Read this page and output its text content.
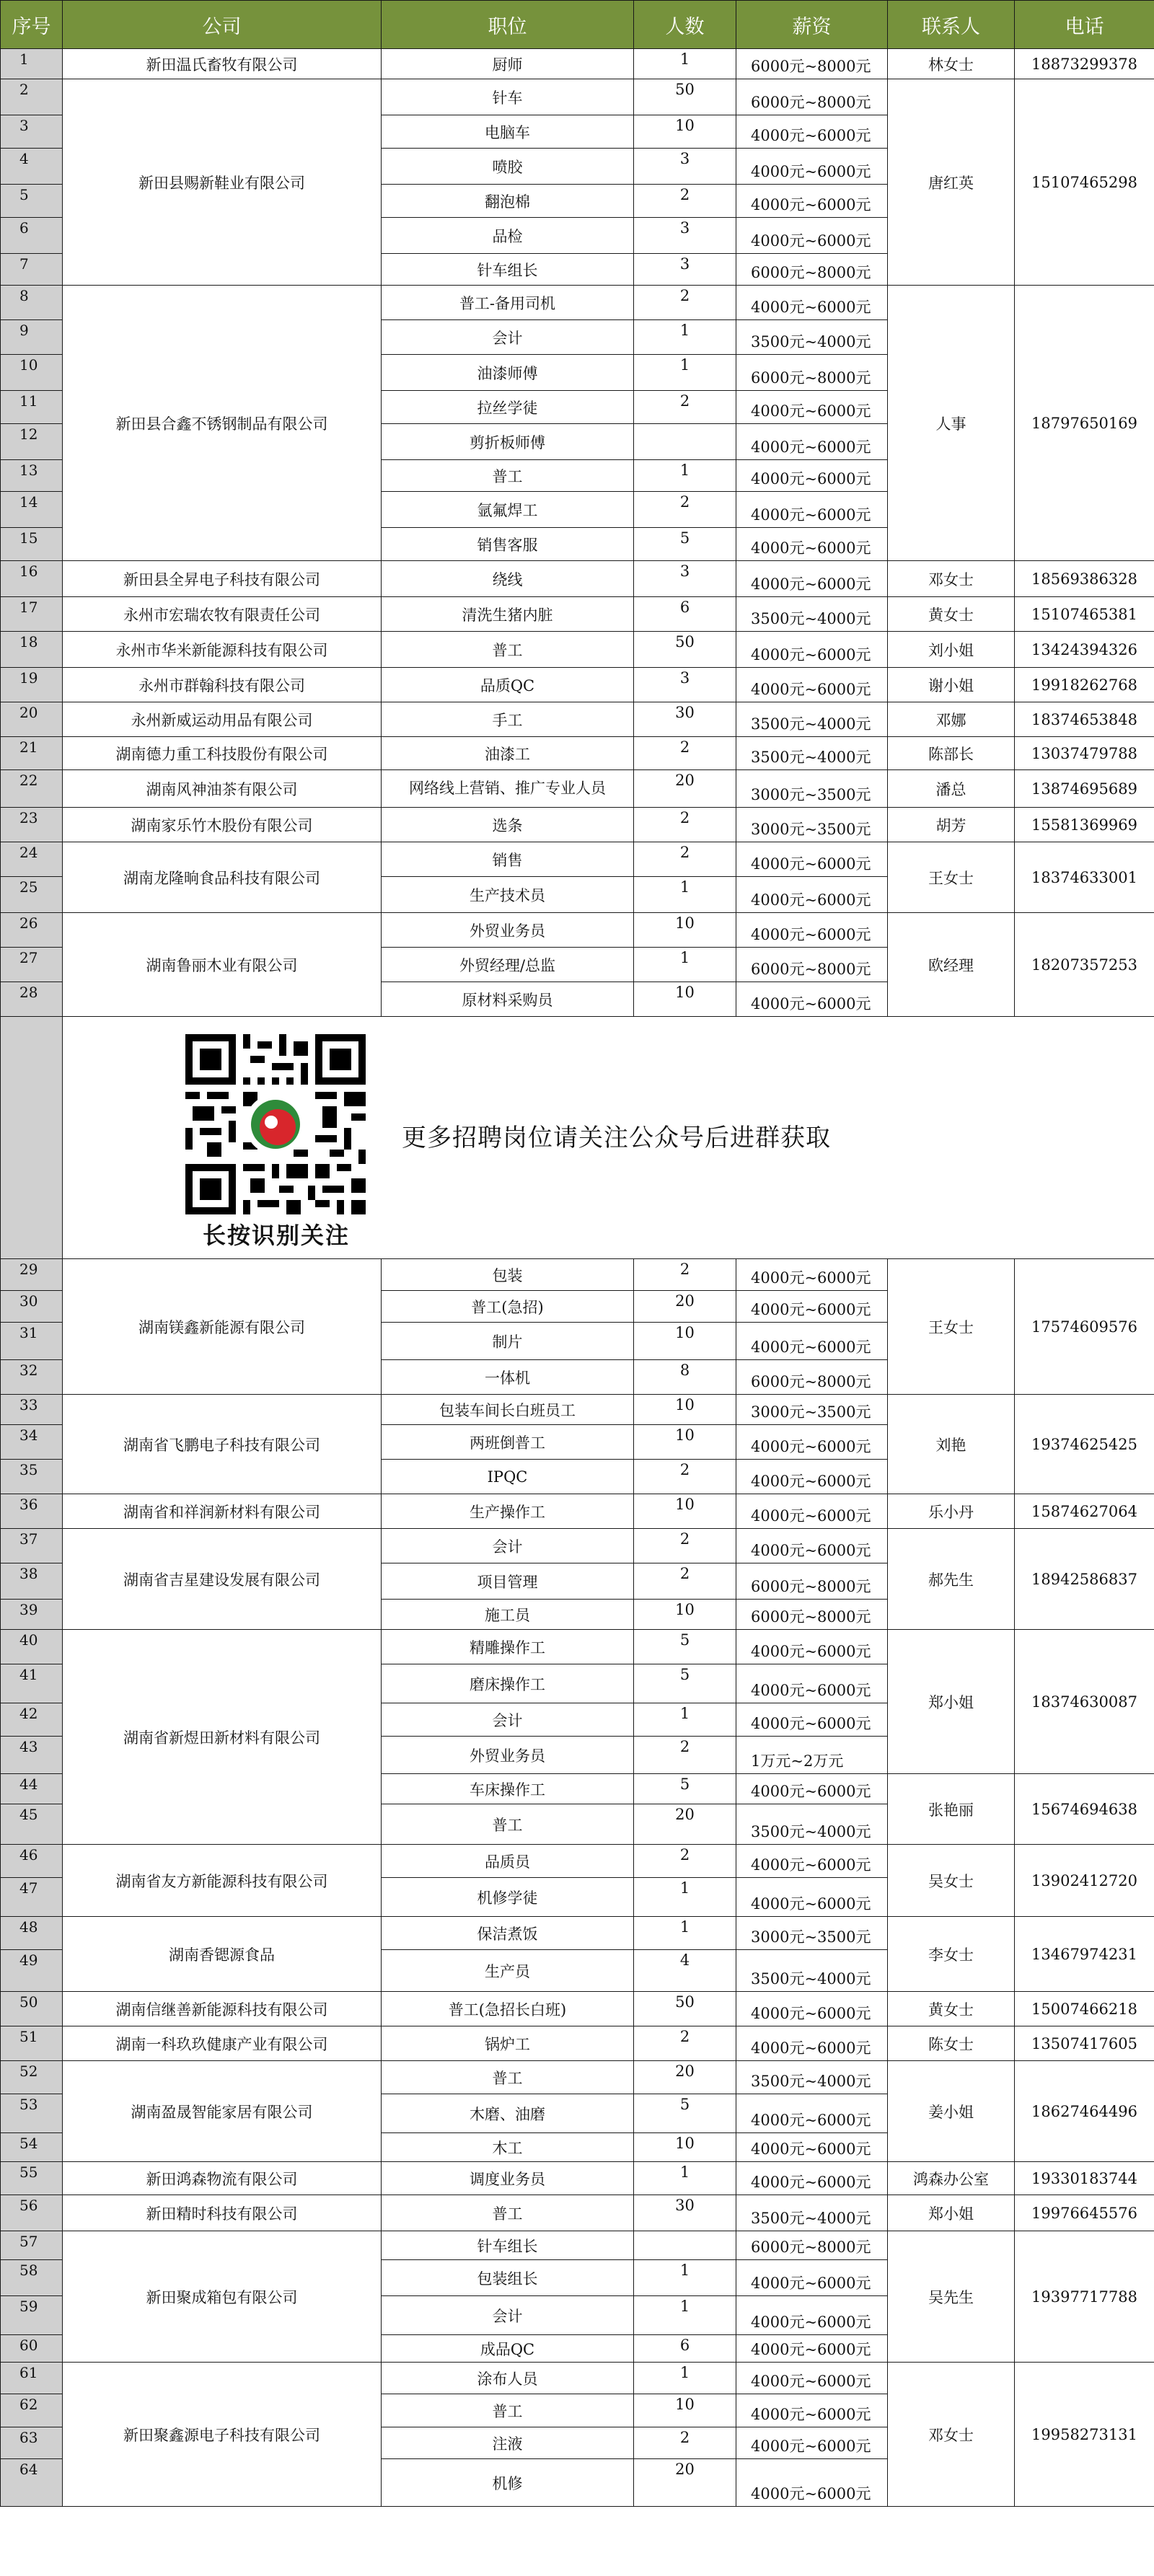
序号	公司	职位	人数	薪资	联系人	电话
1	新田温氏畜牧有限公司	厨师	1	6000元~8000元	林女士	18873299378
2	新田县赐新鞋业有限公司	针车	50	6000元~8000元	唐红英	15107465298
3		电脑车	10	4000元~6000元		
4		喷胶	3	4000元~6000元		
5		翻泡棉	2	4000元~6000元		
6		品检	3	4000元~6000元		
7		针车组长	3	6000元~8000元		
8	新田县合鑫不锈钢制品有限公司	普工-备用司机	2	4000元~6000元	人事	18797650169
9		会计	1	3500元~4000元		
10		油漆师傅	1	6000元~8000元		
11		拉丝学徒	2	4000元~6000元		
12		剪折板师傅		4000元~6000元		
13		普工	1	4000元~6000元		
14		氩氟焊工	2	4000元~6000元		
15		销售客服	5	4000元~6000元		
16	新田县全昇电子科技有限公司	绕线	3	4000元~6000元	邓女士	18569386328
17	永州市宏瑞农牧有限责任公司	清洗生猪内脏	6	3500元~4000元	黄女士	15107465381
18	永州市华米新能源科技有限公司	普工	50	4000元~6000元	刘小姐	13424394326
19	永州市群翰科技有限公司	品质QC	3	4000元~6000元	谢小姐	19918262768
20	永州新威运动用品有限公司	手工	30	3500元~4000元	邓娜	18374653848
21	湖南德力重工科技股份有限公司	油漆工	2	3500元~4000元	陈部长	13037479788
22	湖南风神油茶有限公司	网络线上营销、推广专业人员	20	3000元~3500元	潘总	13874695689
23	湖南家乐竹木股份有限公司	选条	2	3000元~3500元	胡芳	15581369969
24	湖南龙隆晌食品科技有限公司	销售	2	4000元~6000元	王女士	18374633001
25		生产技术员	1	4000元~6000元		
26	湖南鲁丽木业有限公司	外贸业务员	10	4000元~6000元	欧经理	18207357253
27		外贸经理/总监	1	6000元~8000元		
28		原材料采购员	10	4000元~6000元		

	长按识别关注
更多招聘岗位请关注公众号后进群获取					

29	湖南镁鑫新能源有限公司	包装	2	4000元~6000元	王女士	17574609576
30		普工(急招)	20	4000元~6000元		
31		制片	10	4000元~6000元		
32		一体机	8	6000元~8000元		
33	湖南省飞鹏电子科技有限公司	包装车间长白班员工	10	3000元~3500元	刘艳	19374625425
34		两班倒普工	10	4000元~6000元		
35		IPQC	2	4000元~6000元		
36	湖南省和祥润新材料有限公司	生产操作工	10	4000元~6000元	乐小丹	15874627064
37	湖南省吉星建设发展有限公司	会计	2	4000元~6000元	郝先生	18942586837
38		项目管理	2	6000元~8000元		
39		施工员	10	6000元~8000元		
40	湖南省新煜田新材料有限公司	精雕操作工	5	4000元~6000元	郑小姐	18374630087
41		磨床操作工	5	4000元~6000元		
42		会计	1	4000元~6000元		
43		外贸业务员	2	1万元~2万元		
44		车床操作工	5	4000元~6000元	张艳丽	15674694638
45		普工	20	3500元~4000元		
46	湖南省友方新能源科技有限公司	品质员	2	4000元~6000元	吴女士	13902412720
47		机修学徒	1	4000元~6000元		
48	湖南香锶源食品	保洁煮饭	1	3000元~3500元	李女士	13467974231
49		生产员	4	3500元~4000元		
50	湖南信继善新能源科技有限公司	普工(急招长白班)	50	4000元~6000元	黄女士	15007466218
51	湖南一科玖玖健康产业有限公司	锅炉工	2	4000元~6000元	陈女士	13507417605
52	湖南盈晟智能家居有限公司	普工	20	3500元~4000元	姜小姐	18627464496
53		木磨、油磨	5	4000元~6000元		
54		木工	10	4000元~6000元		
55	新田鸿森物流有限公司	调度业务员	1	4000元~6000元	鸿森办公室	19330183744
56	新田精时科技有限公司	普工	30	3500元~4000元	郑小姐	19976645576
57	新田聚成箱包有限公司	针车组长		6000元~8000元	吴先生	19397717788
58		包装组长	1	4000元~6000元		
59		会计	1	4000元~6000元		
60		成品QC	6	4000元~6000元		
61	新田聚鑫源电子科技有限公司	涂布人员	1	4000元~6000元	邓女士	19958273131
62		普工	10	4000元~6000元		
63		注液	2	4000元~6000元		
64		机修	20	4000元~6000元		
